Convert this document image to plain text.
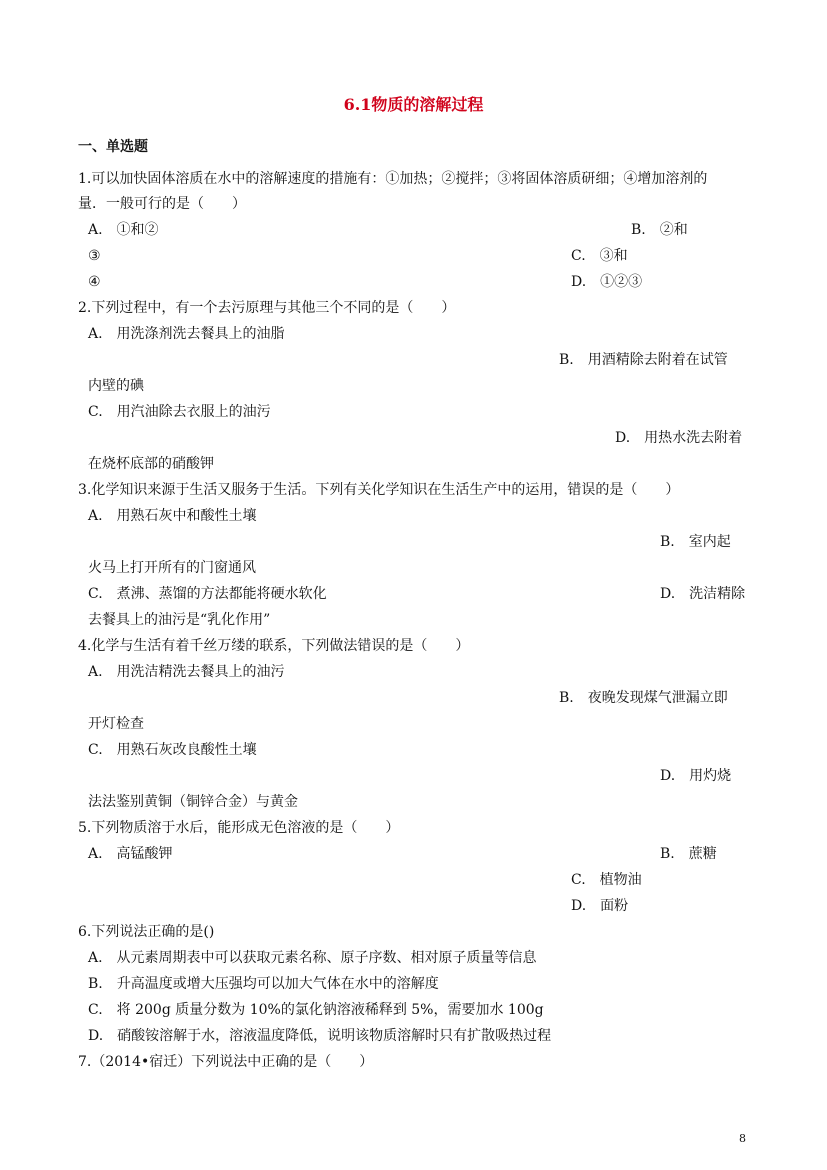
6.1物质的溶解过程
一、单选题
1.可以加快固体溶质在水中的溶解速度的措施有：①加热；②搅拌；③将固体溶质研细；④增加溶剂的
量．一般可行的是（　　）
A.　①和②	B.　②和
③	C.　③和
④	D.　①②③
2.下列过程中，有一个去污原理与其他三个不同的是（　　）
A.　用洗涤剂洗去餐具上的油脂
B.　用酒精除去附着在试管
内壁的碘
C.　用汽油除去衣服上的油污
D.　用热水洗去附着
在烧杯底部的硝酸钾
3.化学知识来源于生活又服务于生活。下列有关化学知识在生活生产中的运用，错误的是（　　）
A.　用熟石灰中和酸性土壤
B.　室内起
火马上打开所有的门窗通风
C.　煮沸、蒸馏的方法都能将硬水软化	D.　洗洁精除
去餐具上的油污是“乳化作用”
4.化学与生活有着千丝万缕的联系，下列做法错误的是（　　）
A.　用洗洁精洗去餐具上的油污
B.　夜晚发现煤气泄漏立即
开灯检查
C.　用熟石灰改良酸性土壤
D.　用灼烧
法法鉴别黄铜（铜锌合金）与黄金
5.下列物质溶于水后，能形成无色溶液的是（　　）
A.　高锰酸钾	B.　蔗糖
C.　植物油
D.　面粉
6.下列说法正确的是()
A.　从元素周期表中可以获取元素名称、原子序数、相对原子质量等信息
B.　升高温度或增大压强均可以加大气体在水中的溶解度
C.　将 200g 质量分数为 10%的氯化钠溶液稀释到 5%，需要加水 100g
D.　硝酸铵溶解于水，溶液温度降低，说明该物质溶解时只有扩散吸热过程
7.（2014•宿迁）下列说法中正确的是（　　）
8
